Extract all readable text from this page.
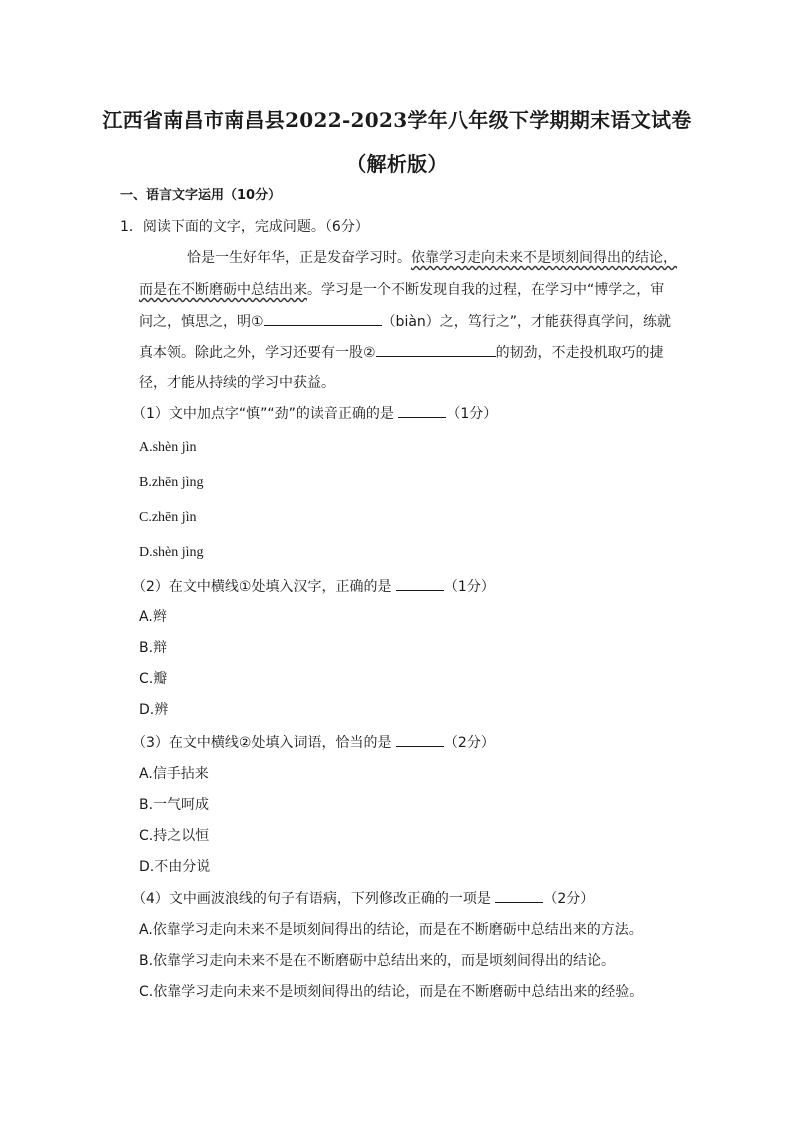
江西省南昌市南昌县2022-2023学年八年级下学期期末语文试卷
（解析版）
一、语言文字运用（10分）
1．阅读下面的文字，完成问题。（6分）
恰是一生好年华，正是发奋学习时。依靠学习走向未来不是顷刻间得出的结论，
而是在不断磨砺中总结出来。学习是一个不断发现自我的过程，在学习中“博学之，审
问之，慎思之，明①	（biàn）之，笃行之”，才能获得真学问，练就
真本领。除此之外，学习还要有一股②	的韧劲，不走投机取巧的捷
径，才能从持续的学习中获益。
（1）文中加点字“慎”“劲”的读音正确的是	（1分）
A.shèn jìn
B.zhēn jìng
C.zhēn jìn
D.shèn jìng
（2）在文中横线①处填入汉字，正确的是	（1分）
A.辫
B.辩
C.瓣
D.辨
（3）在文中横线②处填入词语，恰当的是	（2分）
A.信手拈来
B.一气呵成
C.持之以恒
D.不由分说
（4）文中画波浪线的句子有语病，下列修改正确的一项是	（2分）
A.依靠学习走向未来不是顷刻间得出的结论，而是在不断磨砺中总结出来的方法。
B.依靠学习走向未来不是在不断磨砺中总结出来的，而是顷刻间得出的结论。
C.依靠学习走向未来不是顷刻间得出的结论，而是在不断磨砺中总结出来的经验。
